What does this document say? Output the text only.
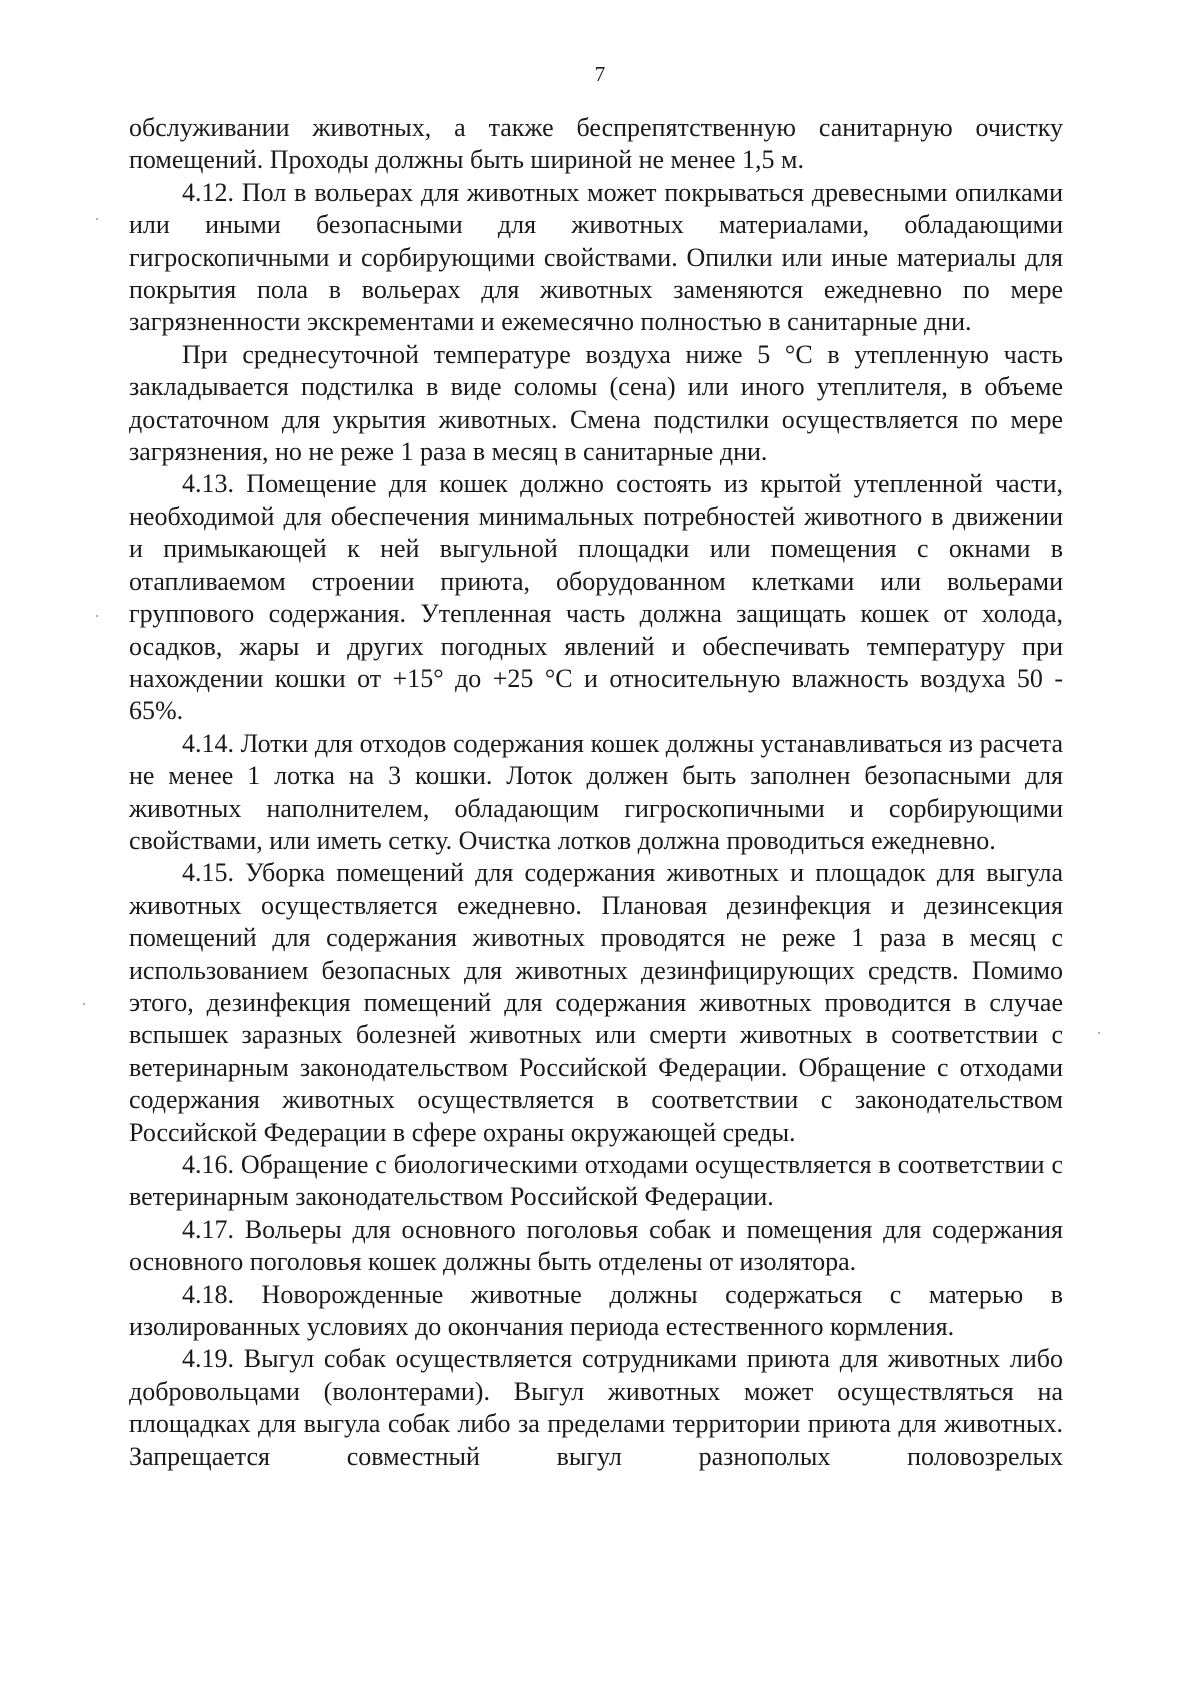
7

обслуживании животных, а также беспрепятственную санитарную очистку помещений. Проходы должны быть шириной не менее 1,5 м.

4.12. Пол в вольерах для животных может покрываться древесными опилками или иными безопасными для животных материалами, обладающими гигроскопичными и сорбирующими свойствами. Опилки или иные материалы для покрытия пола в вольерах для животных заменяются ежедневно по мере загрязненности экскрементами и ежемесячно полностью в санитарные дни.

При среднесуточной температуре воздуха ниже 5 °С в утепленную часть закладывается подстилка в виде соломы (сена) или иного утеплителя, в объеме достаточном для укрытия животных. Смена подстилки осуществляется по мере загрязнения, но не реже 1 раза в месяц в санитарные дни.

4.13. Помещение для кошек должно состоять из крытой утепленной части, необходимой для обеспечения минимальных потребностей животного в движении и примыкающей к ней выгульной площадки или помещения с окнами в отапливаемом строении приюта, оборудованном клетками или вольерами группового содержания. Утепленная часть должна защищать кошек от холода, осадков, жары и других погодных явлений и обеспечивать температуру при нахождении кошки от +15° до +25 °С и относительную влажность воздуха 50 - 65%.

4.14. Лотки для отходов содержания кошек должны устанавливаться из расчета не менее 1 лотка на 3 кошки. Лоток должен быть заполнен безопасными для животных наполнителем, обладающим гигроскопичными и сорбирующими свойствами, или иметь сетку. Очистка лотков должна проводиться ежедневно.

4.15. Уборка помещений для содержания животных и площадок для выгула животных осуществляется ежедневно. Плановая дезинфекция и дезинсекция помещений для содержания животных проводятся не реже 1 раза в месяц с использованием безопасных для животных дезинфицирующих средств. Помимо этого, дезинфекция помещений для содержания животных проводится в случае вспышек заразных болезней животных или смерти животных в соответствии с ветеринарным законодательством Российской Федерации. Обращение с отходами содержания животных осуществляется в соответствии с законодательством Российской Федерации в сфере охраны окружающей среды.

4.16. Обращение с биологическими отходами осуществляется в соответствии с ветеринарным законодательством Российской Федерации.

4.17. Вольеры для основного поголовья собак и помещения для содержания основного поголовья кошек должны быть отделены от изолятора.

4.18. Новорожденные животные должны содержаться с матерью в изолированных условиях до окончания периода естественного кормления.

4.19. Выгул собак осуществляется сотрудниками приюта для животных либо добровольцами (волонтерами). Выгул животных может осуществляться на площадках для выгула собак либо за пределами территории приюта для животных. Запрещается совместный выгул разнополых половозрелых
